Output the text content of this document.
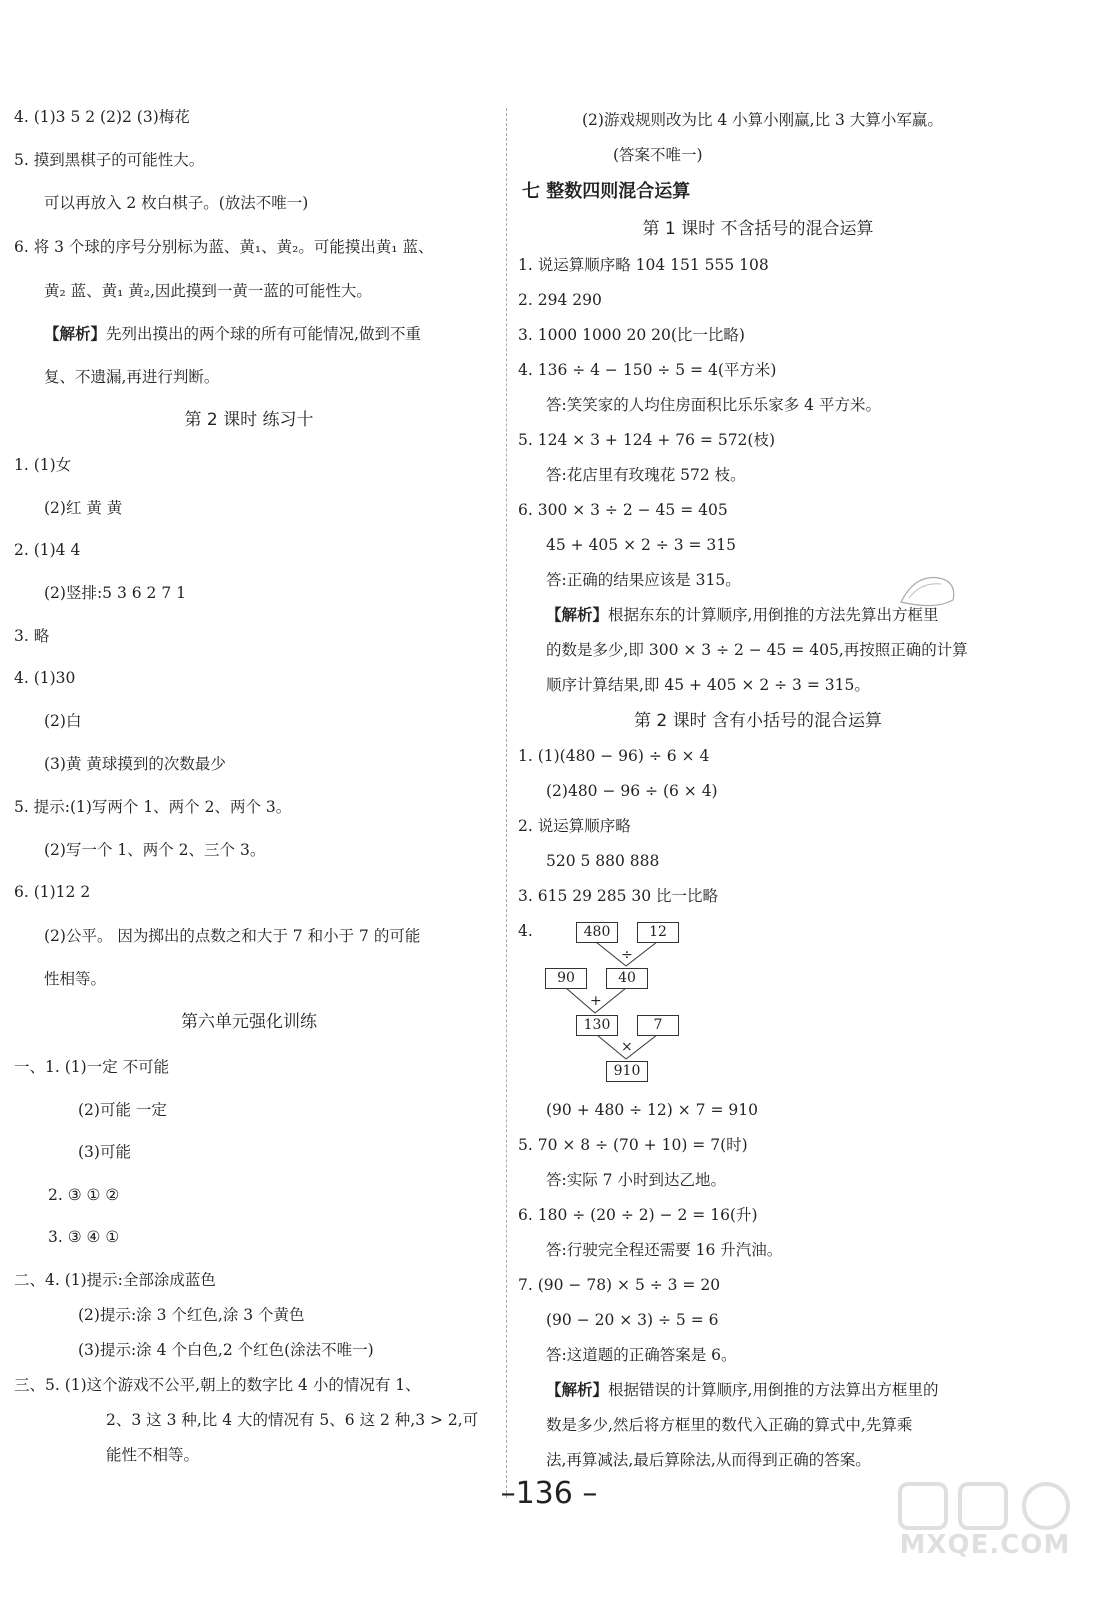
4. (1)3 5 2 (2)2 (3)梅花
5. 摸到黑棋子的可能性大。
可以再放入 2 枚白棋子。(放法不唯一)
6. 将 3 个球的序号分别标为蓝、黄₁、黄₂。可能摸出黄₁ 蓝、
黄₂ 蓝、黄₁ 黄₂,因此摸到一黄一蓝的可能性大。
【解析】先列出摸出的两个球的所有可能情况,做到不重
复、不遗漏,再进行判断。
第 2 课时 练习十
1. (1)女
(2)红 黄 黄
2. (1)4 4
(2)竖排:5 3 6 2 7 1
3. 略
4. (1)30
(2)白
(3)黄 黄球摸到的次数最少
5. 提示:(1)写两个 1、两个 2、两个 3。
(2)写一个 1、两个 2、三个 3。
6. (1)12 2
(2)公平。 因为掷出的点数之和大于 7 和小于 7 的可能
性相等。
第六单元强化训练
一、1. (1)一定 不可能
(2)可能 一定
(3)可能
2. ③ ① ②
3. ③ ④ ①
二、4. (1)提示:全部涂成蓝色
(2)提示:涂 3 个红色,涂 3 个黄色
(3)提示:涂 4 个白色,2 个红色(涂法不唯一)
三、5. (1)这个游戏不公平,朝上的数字比 4 小的情况有 1、
2、3 这 3 种,比 4 大的情况有 5、6 这 2 种,3 > 2,可
能性不相等。
(2)游戏规则改为比 4 小算小刚赢,比 3 大算小军赢。
(答案不唯一)
七 整数四则混合运算
第 1 课时 不含括号的混合运算
1. 说运算顺序略 104 151 555 108
2. 294 290
3. 1000 1000 20 20(比一比略)
4. 136 ÷ 4 − 150 ÷ 5 = 4(平方米)
答:笑笑家的人均住房面积比乐乐家多 4 平方米。
5. 124 × 3 + 124 + 76 = 572(枝)
答:花店里有玫瑰花 572 枝。
6. 300 × 3 ÷ 2 − 45 = 405
45 + 405 × 2 ÷ 3 = 315
答:正确的结果应该是 315。
【解析】根据东东的计算顺序,用倒推的方法先算出方框里
的数是多少,即 300 × 3 ÷ 2 − 45 = 405,再按照正确的计算
顺序计算结果,即 45 + 405 × 2 ÷ 3 = 315。
第 2 课时 含有小括号的混合运算
1. (1)(480 − 96) ÷ 6 × 4
(2)480 − 96 ÷ (6 × 4)
2. 说运算顺序略
520 5 880 888
3. 615 29 285 30 比一比略
4.	480	12
÷
90	40
+
130	7
×
910
(90 + 480 ÷ 12) × 7 = 910
5. 70 × 8 ÷ (70 + 10) = 7(时)
答:实际 7 小时到达乙地。
6. 180 ÷ (20 ÷ 2) − 2 = 16(升)
答:行驶完全程还需要 16 升汽油。
7. (90 − 78) × 5 ÷ 3 = 20
(90 − 20 × 3) ÷ 5 = 6
答:这道题的正确答案是 6。
【解析】根据错误的计算顺序,用倒推的方法算出方框里的
数是多少,然后将方框里的数代入正确的算式中,先算乘
法,再算减法,最后算除法,从而得到正确的答案。
–136 –
MXQE.COM
